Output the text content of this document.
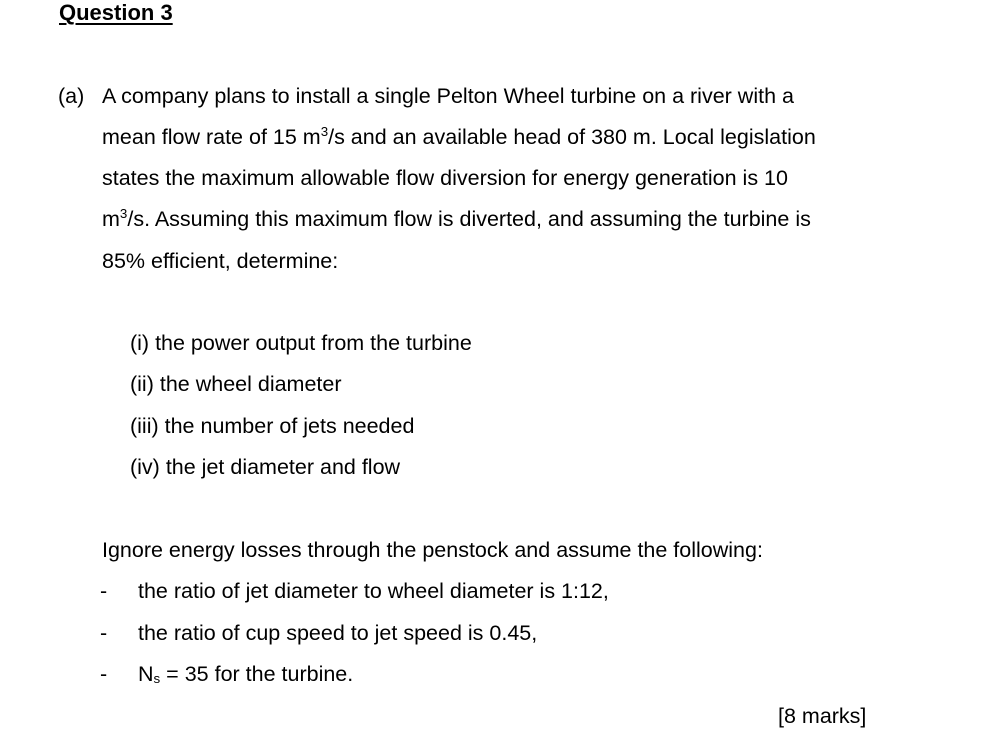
Question 3
(a) A company plans to install a single Pelton Wheel turbine on a river with a
mean flow rate of 15 $m^3/s$ and an available head of 380 m. Local legislation
states the maximum allowable flow diversion for energy generation is 10
$m^3/s$. Assuming this maximum flow is diverted, and assuming the turbine is
85% efficient, determine:
(i) the power output from the turbine
(ii) the wheel diameter
(iii) the number of jets needed
(iv) the jet diameter and flow
Ignore energy losses through the penstock and assume the following:
- the ratio of jet diameter to wheel diameter is 1:12,
- the ratio of cup speed to jet speed is 0.45,
- $N_s = 35$ for the turbine.
[8 marks]
